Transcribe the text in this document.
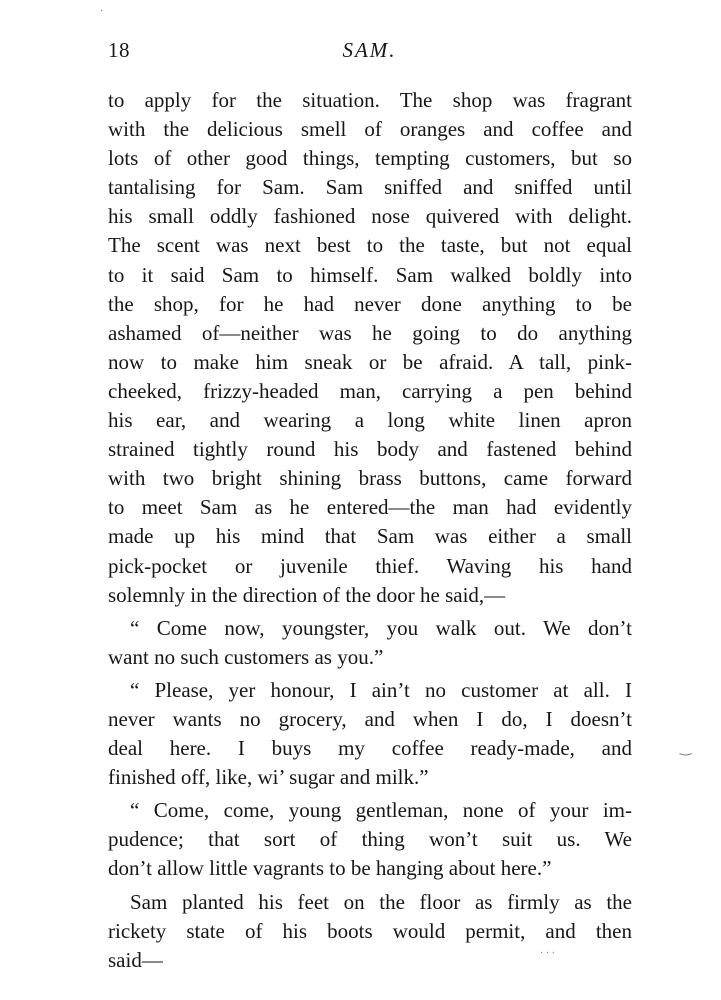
18	SAM.
to apply for the situation. The shop was fragrant
with the delicious smell of oranges and coffee and
lots of other good things, tempting customers, but so
tantalising for Sam. Sam sniffed and sniffed until
his small oddly fashioned nose quivered with delight.
The scent was next best to the taste, but not equal
to it said Sam to himself. Sam walked boldly into
the shop, for he had never done anything to be
ashamed of—neither was he going to do anything
now to make him sneak or be afraid. A tall, pink-
cheeked, frizzy-headed man, carrying a pen behind
his ear, and wearing a long white linen apron
strained tightly round his body and fastened behind
with two bright shining brass buttons, came forward
to meet Sam as he entered—the man had evidently
made up his mind that Sam was either a small
pick-pocket or juvenile thief. Waving his hand
solemnly in the direction of the door he said,—
“ Come now, youngster, you walk out. We don’t
want no such customers as you.”
“ Please, yer honour, I ain’t no customer at all. I
never wants no grocery, and when I do, I doesn’t
deal here. I buys my coffee ready-made, and
finished off, like, wi’ sugar and milk.”
“ Come, come, young gentleman, none of your im-
pudence; that sort of thing won’t suit us. We
don’t allow little vagrants to be hanging about here.”
Sam planted his feet on the floor as firmly as the
rickety state of his boots would permit, and then
said—
·
‿
· · ·
